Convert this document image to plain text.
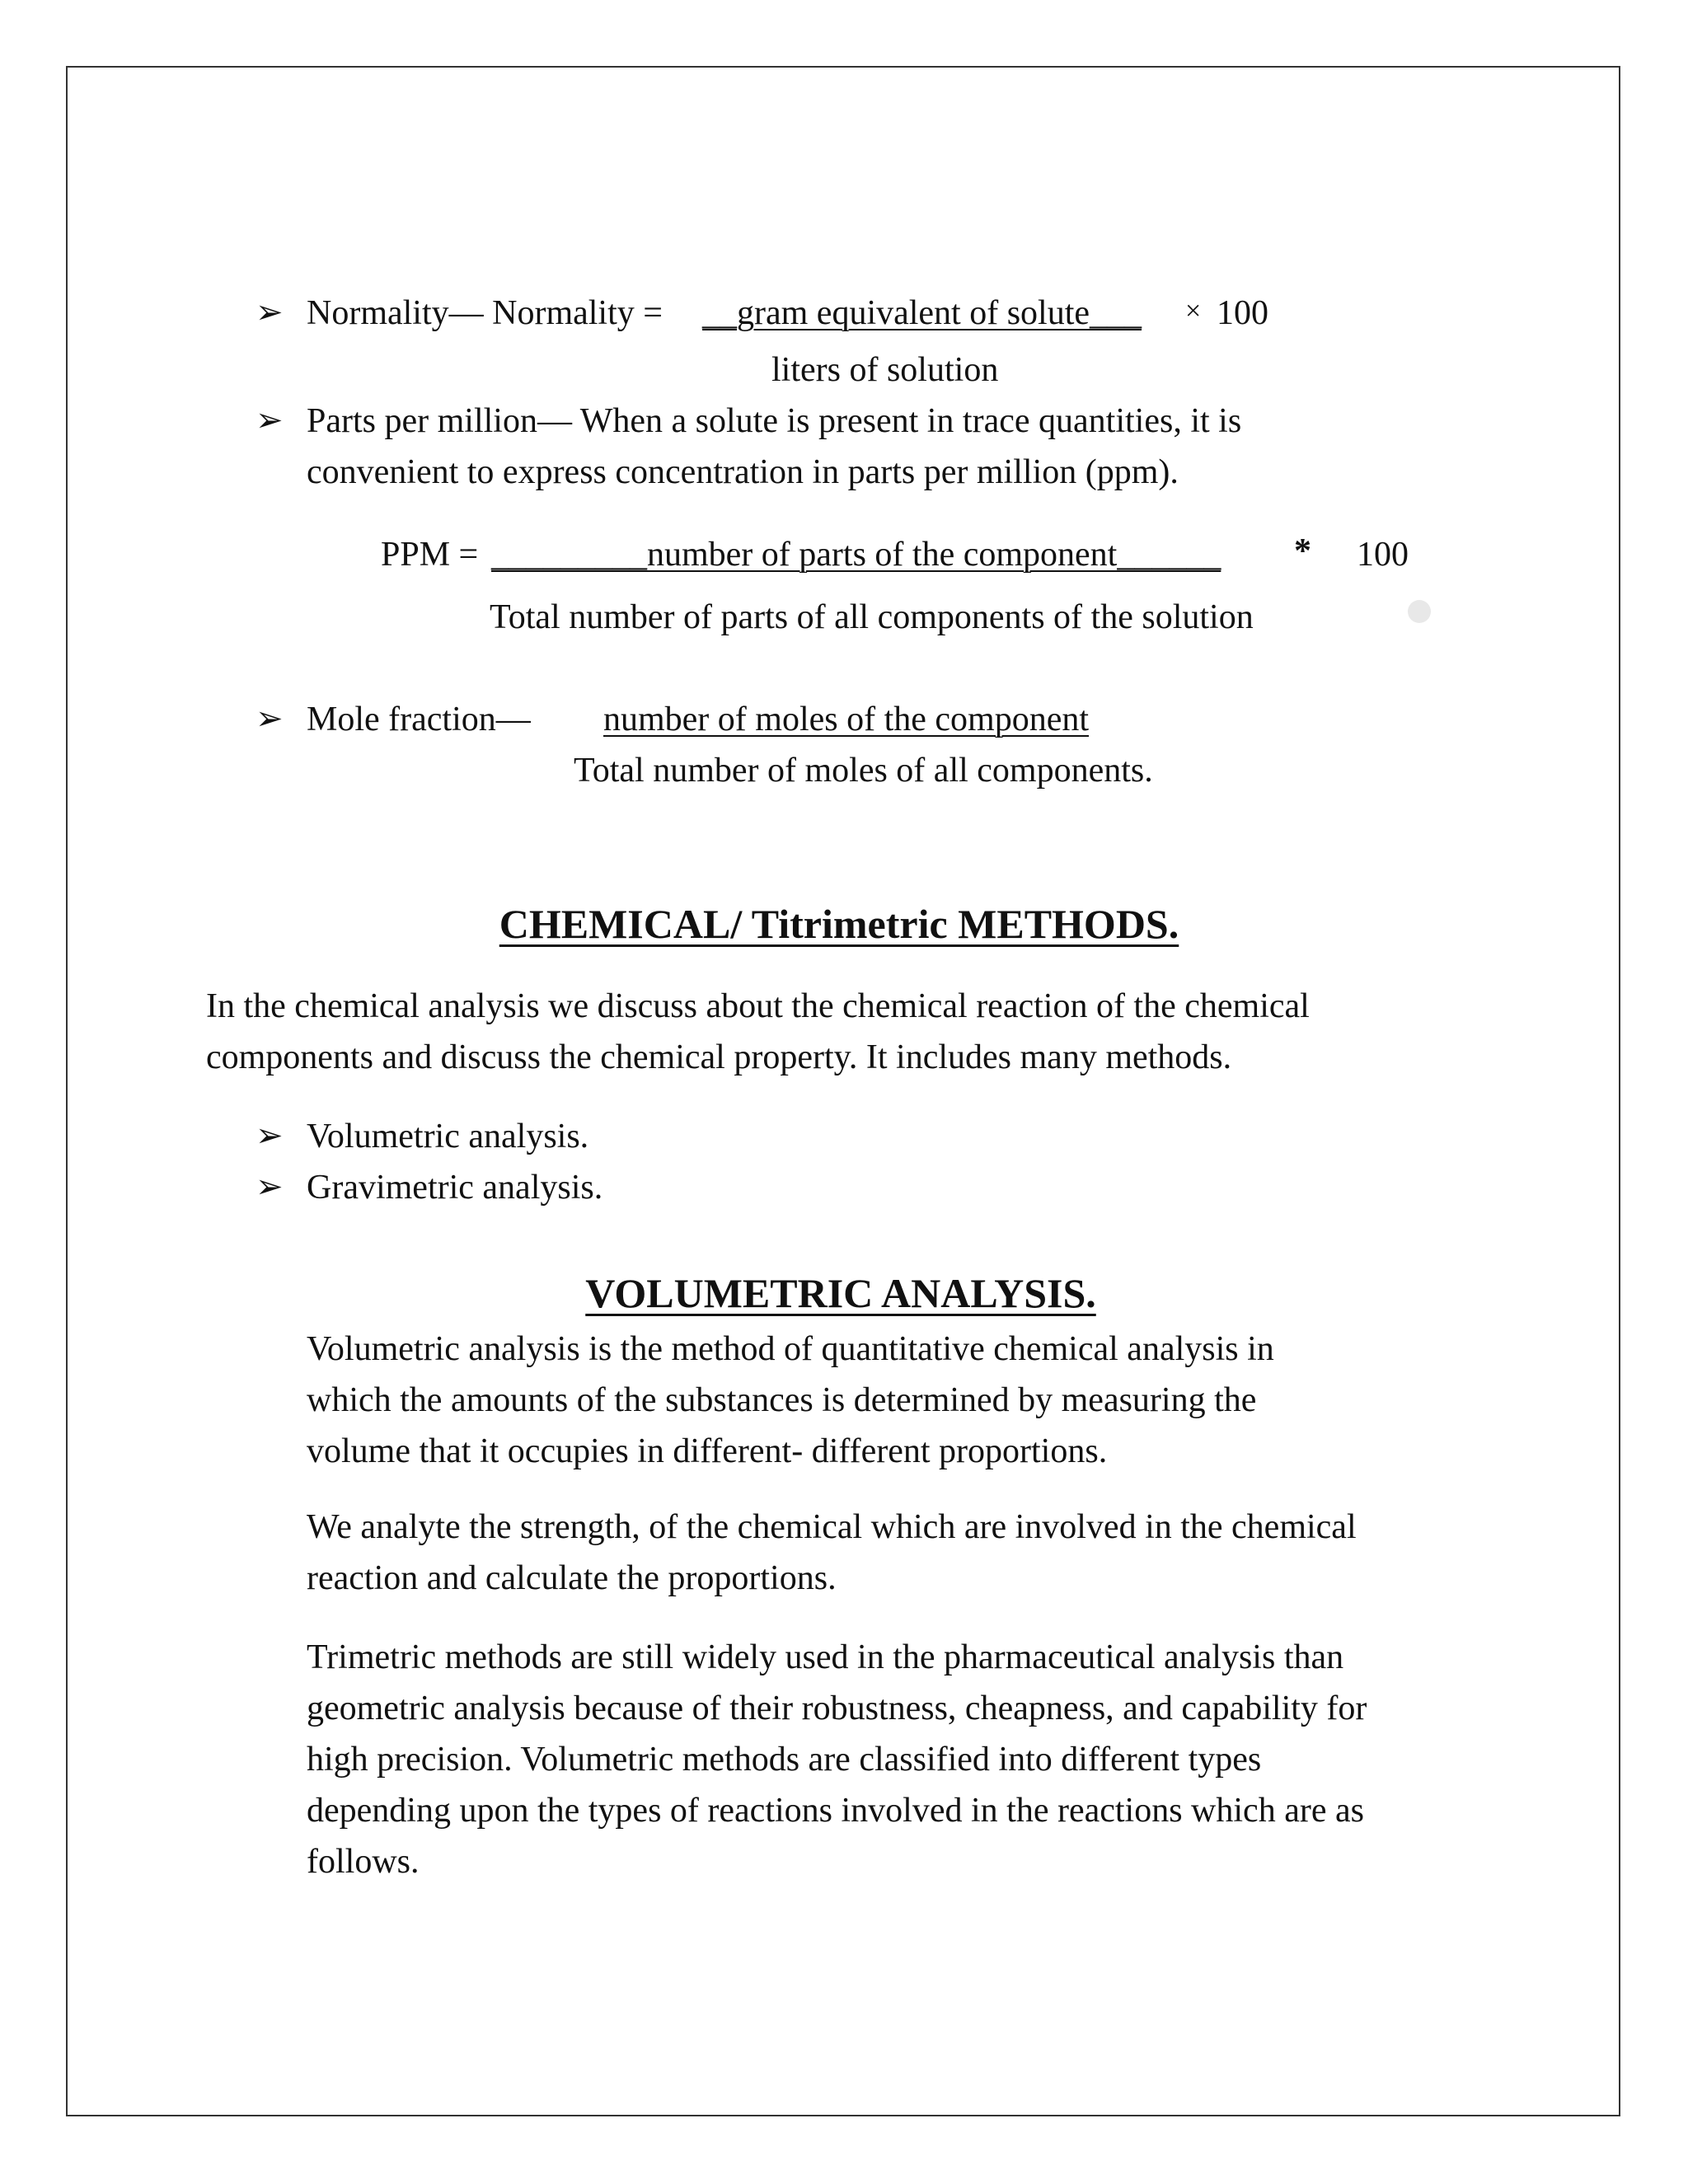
➢ Normality— Normality = __gram equivalent of solute___ × 100
liters of solution
➢ Parts per million— When a solute is present in trace quantities, it is
convenient to express concentration in parts per million (ppm).
PPM = _________number of parts of the component______ * 100
Total number of parts of all components of the solution
➢ Mole fraction— number of moles of the component
Total number of moles of all components.
CHEMICAL/ Titrimetric METHODS.
In the chemical analysis we discuss about the chemical reaction of the chemical
components and discuss the chemical property. It includes many methods.
➢ Volumetric analysis.
➢ Gravimetric analysis.
VOLUMETRIC ANALYSIS.
Volumetric analysis is the method of quantitative chemical analysis in
which the amounts of the substances is determined by measuring the
volume that it occupies in different- different proportions.
We analyte the strength, of the chemical which are involved in the chemical
reaction and calculate the proportions.
Trimetric methods are still widely used in the pharmaceutical analysis than
geometric analysis because of their robustness, cheapness, and capability for
high precision. Volumetric methods are classified into different types
depending upon the types of reactions involved in the reactions which are as
follows.
